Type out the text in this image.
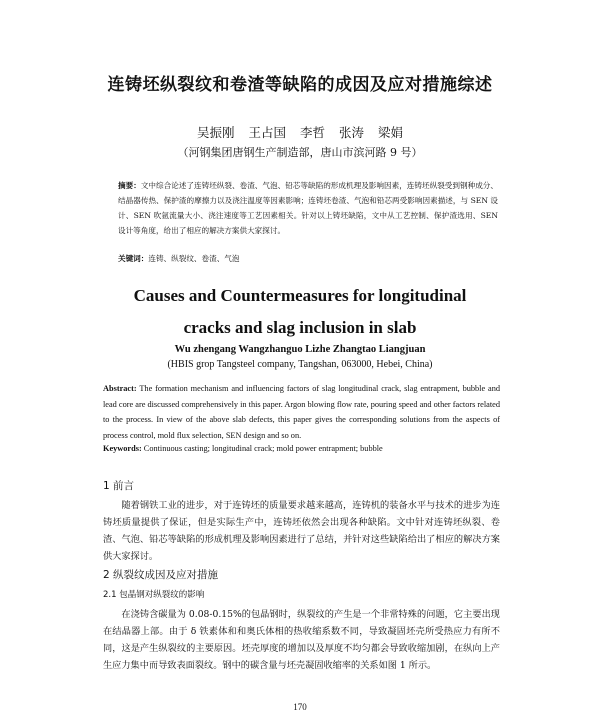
连铸坯纵裂纹和卷渣等缺陷的成因及应对措施综述
吴振刚 王占国 李哲 张涛 梁娟
（河钢集团唐钢生产制造部，唐山市滨河路 9 号）
摘要：文中综合论述了连铸坯纵裂、卷渣、气泡、铅芯等缺陷的形成机理及影响因素，连铸坯纵裂受到钢种成分、结晶器传热、保护渣的摩擦力以及浇注温度等因素影响；连铸坯卷渣、气泡和铅芯两受影响因素描述，与 SEN 设计、SEN 吹氩流量大小、浇注速度等工艺因素相关。针对以上铸坯缺陷，文中从工艺控制、保护渣选用、SEN 设计等角度，给出了相应的解决方案供大家探讨。
关键词：连铸、纵裂纹、卷渣、气泡
Causes and Countermeasures for longitudinal
cracks and slag inclusion in slab
Wu zhengang Wangzhanguo Lizhe Zhangtao Liangjuan
(HBIS grop Tangsteel company, Tangshan, 063000, Hebei, China)
Abstract: The formation mechanism and influencing factors of slag longitudinal crack, slag entrapment, bubble and lead core are discussed comprehensively in this paper. Argon blowing flow rate, pouring speed and other factors related to the process. In view of the above slab defects, this paper gives the corresponding solutions from the aspects of process control, mold flux selection, SEN design and so on.
Keywords: Continuous casting; longitudinal crack; mold power entrapment; bubble
1 前言
随着钢铁工业的进步，对于连铸坯的质量要求越来越高，连铸机的装备水平与技术的进步为连铸坯质量提供了保证，但是实际生产中，连铸坯依然会出现各种缺陷。文中针对连铸坯纵裂、卷渣、气泡、铅芯等缺陷的形成机理及影响因素进行了总结，并针对这些缺陷给出了相应的解决方案供大家探讨。
2 纵裂纹成因及应对措施
2.1 包晶钢对纵裂纹的影响
在浇铸含碳量为 0.08-0.15%的包晶钢时，纵裂纹的产生是一个非常特殊的问题，它主要出现在结晶器上部。由于 δ 铁素体和和奥氏体相的热收缩系数不同，导致凝固坯壳所受热应力有所不同，这是产生纵裂纹的主要原因。坯壳厚度的增加以及厚度不均匀都会导致收缩加剧，在纵向上产生应力集中而导致表面裂纹。钢中的碳含量与坯壳凝固收缩率的关系如图 1 所示。
170
